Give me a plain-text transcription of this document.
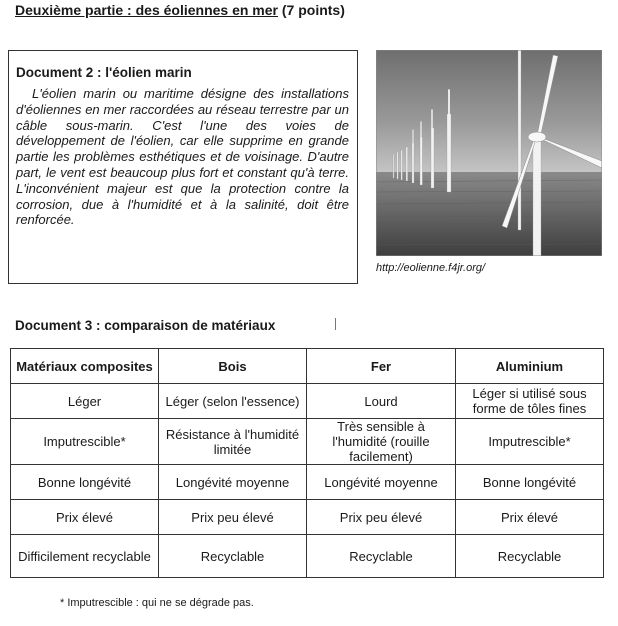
Deuxième partie : des éoliennes en mer (7 points)
Document 2 : l'éolien marin

L'éolien marin ou maritime désigne des installations d'éoliennes en mer raccordées au réseau terrestre par un câble sous-marin. C'est l'une des voies de développement de l'éolien, car elle supprime en grande partie les problèmes esthétiques et de voisinage. D'autre part, le vent est beaucoup plus fort et constant qu'à terre. L'inconvénient majeur est que la protection contre la corrosion, due à l'humidité et à la salinité, doit être renforcée.

http://eolienne.f4jr.org/
Document 3 : comparaison de matériaux
Matériaux composites	Bois	Fer	Aluminium
Léger	Léger (selon l'essence)	Lourd	Léger si utilisé sous forme de tôles fines
Imputrescible*	Résistance à l'humidité limitée	Très sensible à l'humidité (rouille facilement)	Imputrescible*
Bonne longévité	Longévité moyenne	Longévité moyenne	Bonne longévité
Prix élevé	Prix peu élevé	Prix peu élevé	Prix élevé
Difficilement recyclable	Recyclable	Recyclable	Recyclable
* Imputrescible : qui ne se dégrade pas.
